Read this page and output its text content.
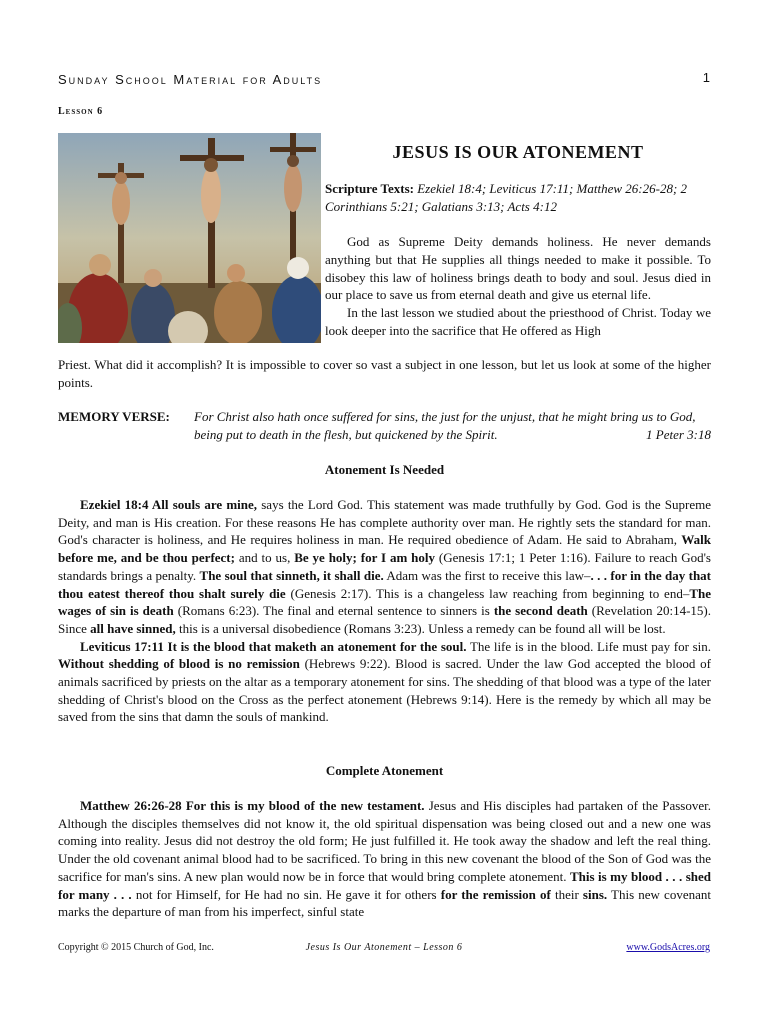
Sunday School Material for Adults	1
Lesson 6
JESUS IS OUR ATONEMENT
Scripture Texts: Ezekiel 18:4; Leviticus 17:11; Matthew 26:26-28; 2 Corinthians 5:21; Galatians 3:13; Acts 4:12

God as Supreme Deity demands holiness. He never demands anything but that He supplies all things needed to make it possible. To disobey this law of holiness brings death to body and soul. Jesus died in our place to save us from eternal death and give us eternal life.

In the last lesson we studied about the priesthood of Christ. Today we look deeper into the sacrifice that He offered as High

Priest. What did it accomplish? It is impossible to cover so vast a subject in one lesson, but let us look at some of the higher points.
MEMORY VERSE: For Christ also hath once suffered for sins, the just for the unjust, that he might bring us to God, being put to death in the flesh, but quickened by the Spirit.	1 Peter 3:18
Atonement Is Needed

Ezekiel 18:4 All souls are mine, says the Lord God. This statement was made truthfully by God. God is the Supreme Deity, and man is His creation. For these reasons He has complete authority over man. He rightly sets the standard for man. God's character is holiness, and He requires holiness in man. He required obedience of Adam. He said to Abraham, Walk before me, and be thou perfect; and to us, Be ye holy; for I am holy (Genesis 17:1; 1 Peter 1:16). Failure to reach God's standards brings a penalty. The soul that sinneth, it shall die. Adam was the first to receive this law–. . . for in the day that thou eatest thereof thou shalt surely die (Genesis 2:17). This is a changeless law reaching from beginning to end–The wages of sin is death (Romans 6:23). The final and eternal sentence to sinners is the second death (Revelation 20:14-15). Since all have sinned, this is a universal disobedience (Romans 3:23). Unless a remedy can be found all will be lost.

Leviticus 17:11 It is the blood that maketh an atonement for the soul. The life is in the blood. Life must pay for sin. Without shedding of blood is no remission (Hebrews 9:22). Blood is sacred. Under the law God accepted the blood of animals sacrificed by priests on the altar as a temporary atonement for sins. The shedding of that blood was a type of the later shedding of Christ's blood on the Cross as the perfect atonement (Hebrews 9:14). Here is the remedy by which all may be saved from the sins that damn the souls of mankind.

Complete Atonement

Matthew 26:26-28 For this is my blood of the new testament. Jesus and His disciples had partaken of the Passover. Although the disciples themselves did not know it, the old spiritual dispensation was being closed out and a new one was coming into reality. Jesus did not destroy the old form; He just fulfilled it. He took away the shadow and left the real thing. Under the old covenant animal blood had to be sacrificed. To bring in this new covenant the blood of the Son of God was the sacrifice for man's sins. A new plan would now be in force that would bring complete atonement. This is my blood . . . shed for many . . . not for Himself, for He had no sin. He gave it for others for the remission of their sins. This new covenant marks the departure of man from his imperfect, sinful state

Copyright © 2015 Church of God, Inc.	Jesus Is Our Atonement – Lesson 6	www.GodsAcres.org
